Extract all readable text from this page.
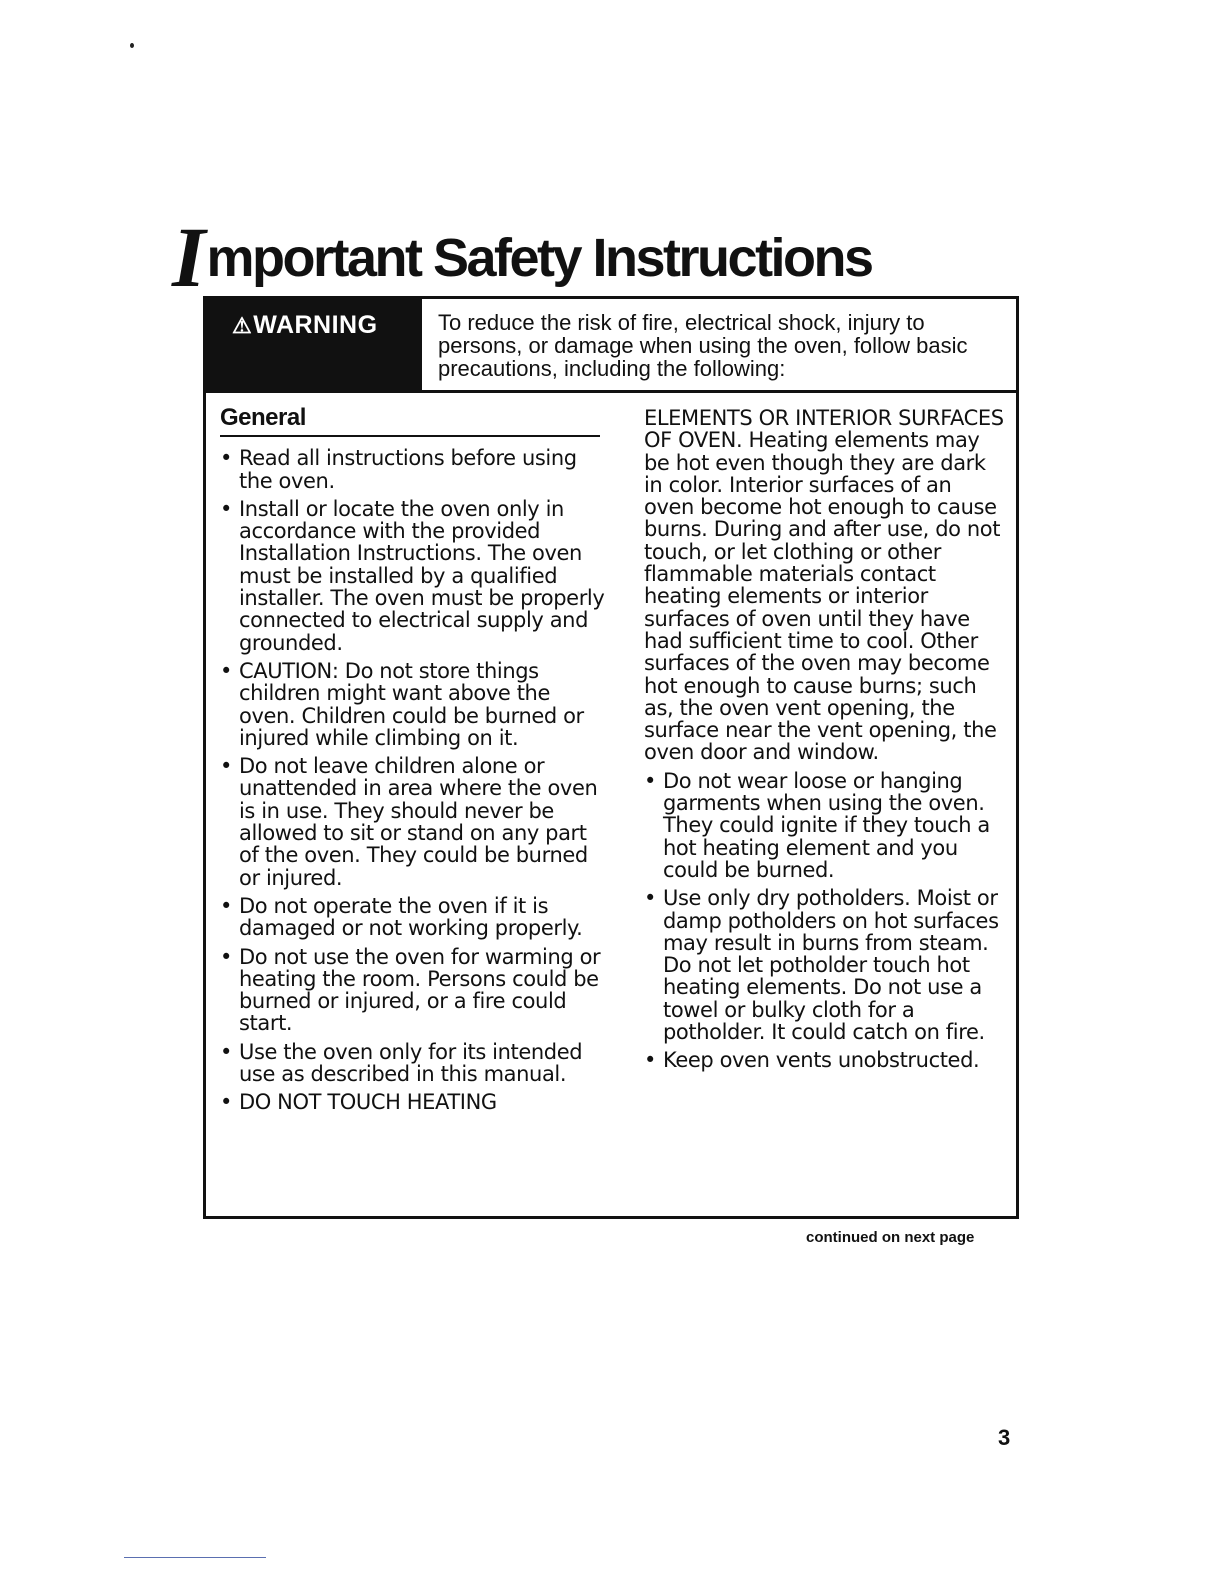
Important Safety Instructions
⚠WARNING	To reduce the risk of fire, electrical shock, injury to persons, or damage when using the oven, follow basic precautions, including the following:
General
• Read all instructions before using the oven.
• Install or locate the oven only in accordance with the provided Installation Instructions. The oven must be installed by a qualified installer. The oven must be properly connected to electrical supply and grounded.
• CAUTION: Do not store things children might want above the oven. Children could be burned or injured while climbing on it.
• Do not leave children alone or unattended in area where the oven is in use. They should never be allowed to sit or stand on any part of the oven. They could be burned or injured.
• Do not operate the oven if it is damaged or not working properly.
• Do not use the oven for warming or heating the room. Persons could be burned or injured, or a fire could start.
• Use the oven only for its intended use as described in this manual.
• DO NOT TOUCH HEATING
ELEMENTS OR INTERIOR SURFACES OF OVEN. Heating elements may be hot even though they are dark in color. Interior surfaces of an oven become hot enough to cause burns. During and after use, do not touch, or let clothing or other flammable materials contact heating elements or interior surfaces of oven until they have had sufficient time to cool. Other surfaces of the oven may become hot enough to cause burns; such as, the oven vent opening, the surface near the vent opening, the oven door and window.
• Do not wear loose or hanging garments when using the oven. They could ignite if they touch a hot heating element and you could be burned.
• Use only dry potholders. Moist or damp potholders on hot surfaces may result in burns from steam. Do not let potholder touch hot heating elements. Do not use a towel or bulky cloth for a potholder. It could catch on fire.
• Keep oven vents unobstructed.
continued on next page
3
